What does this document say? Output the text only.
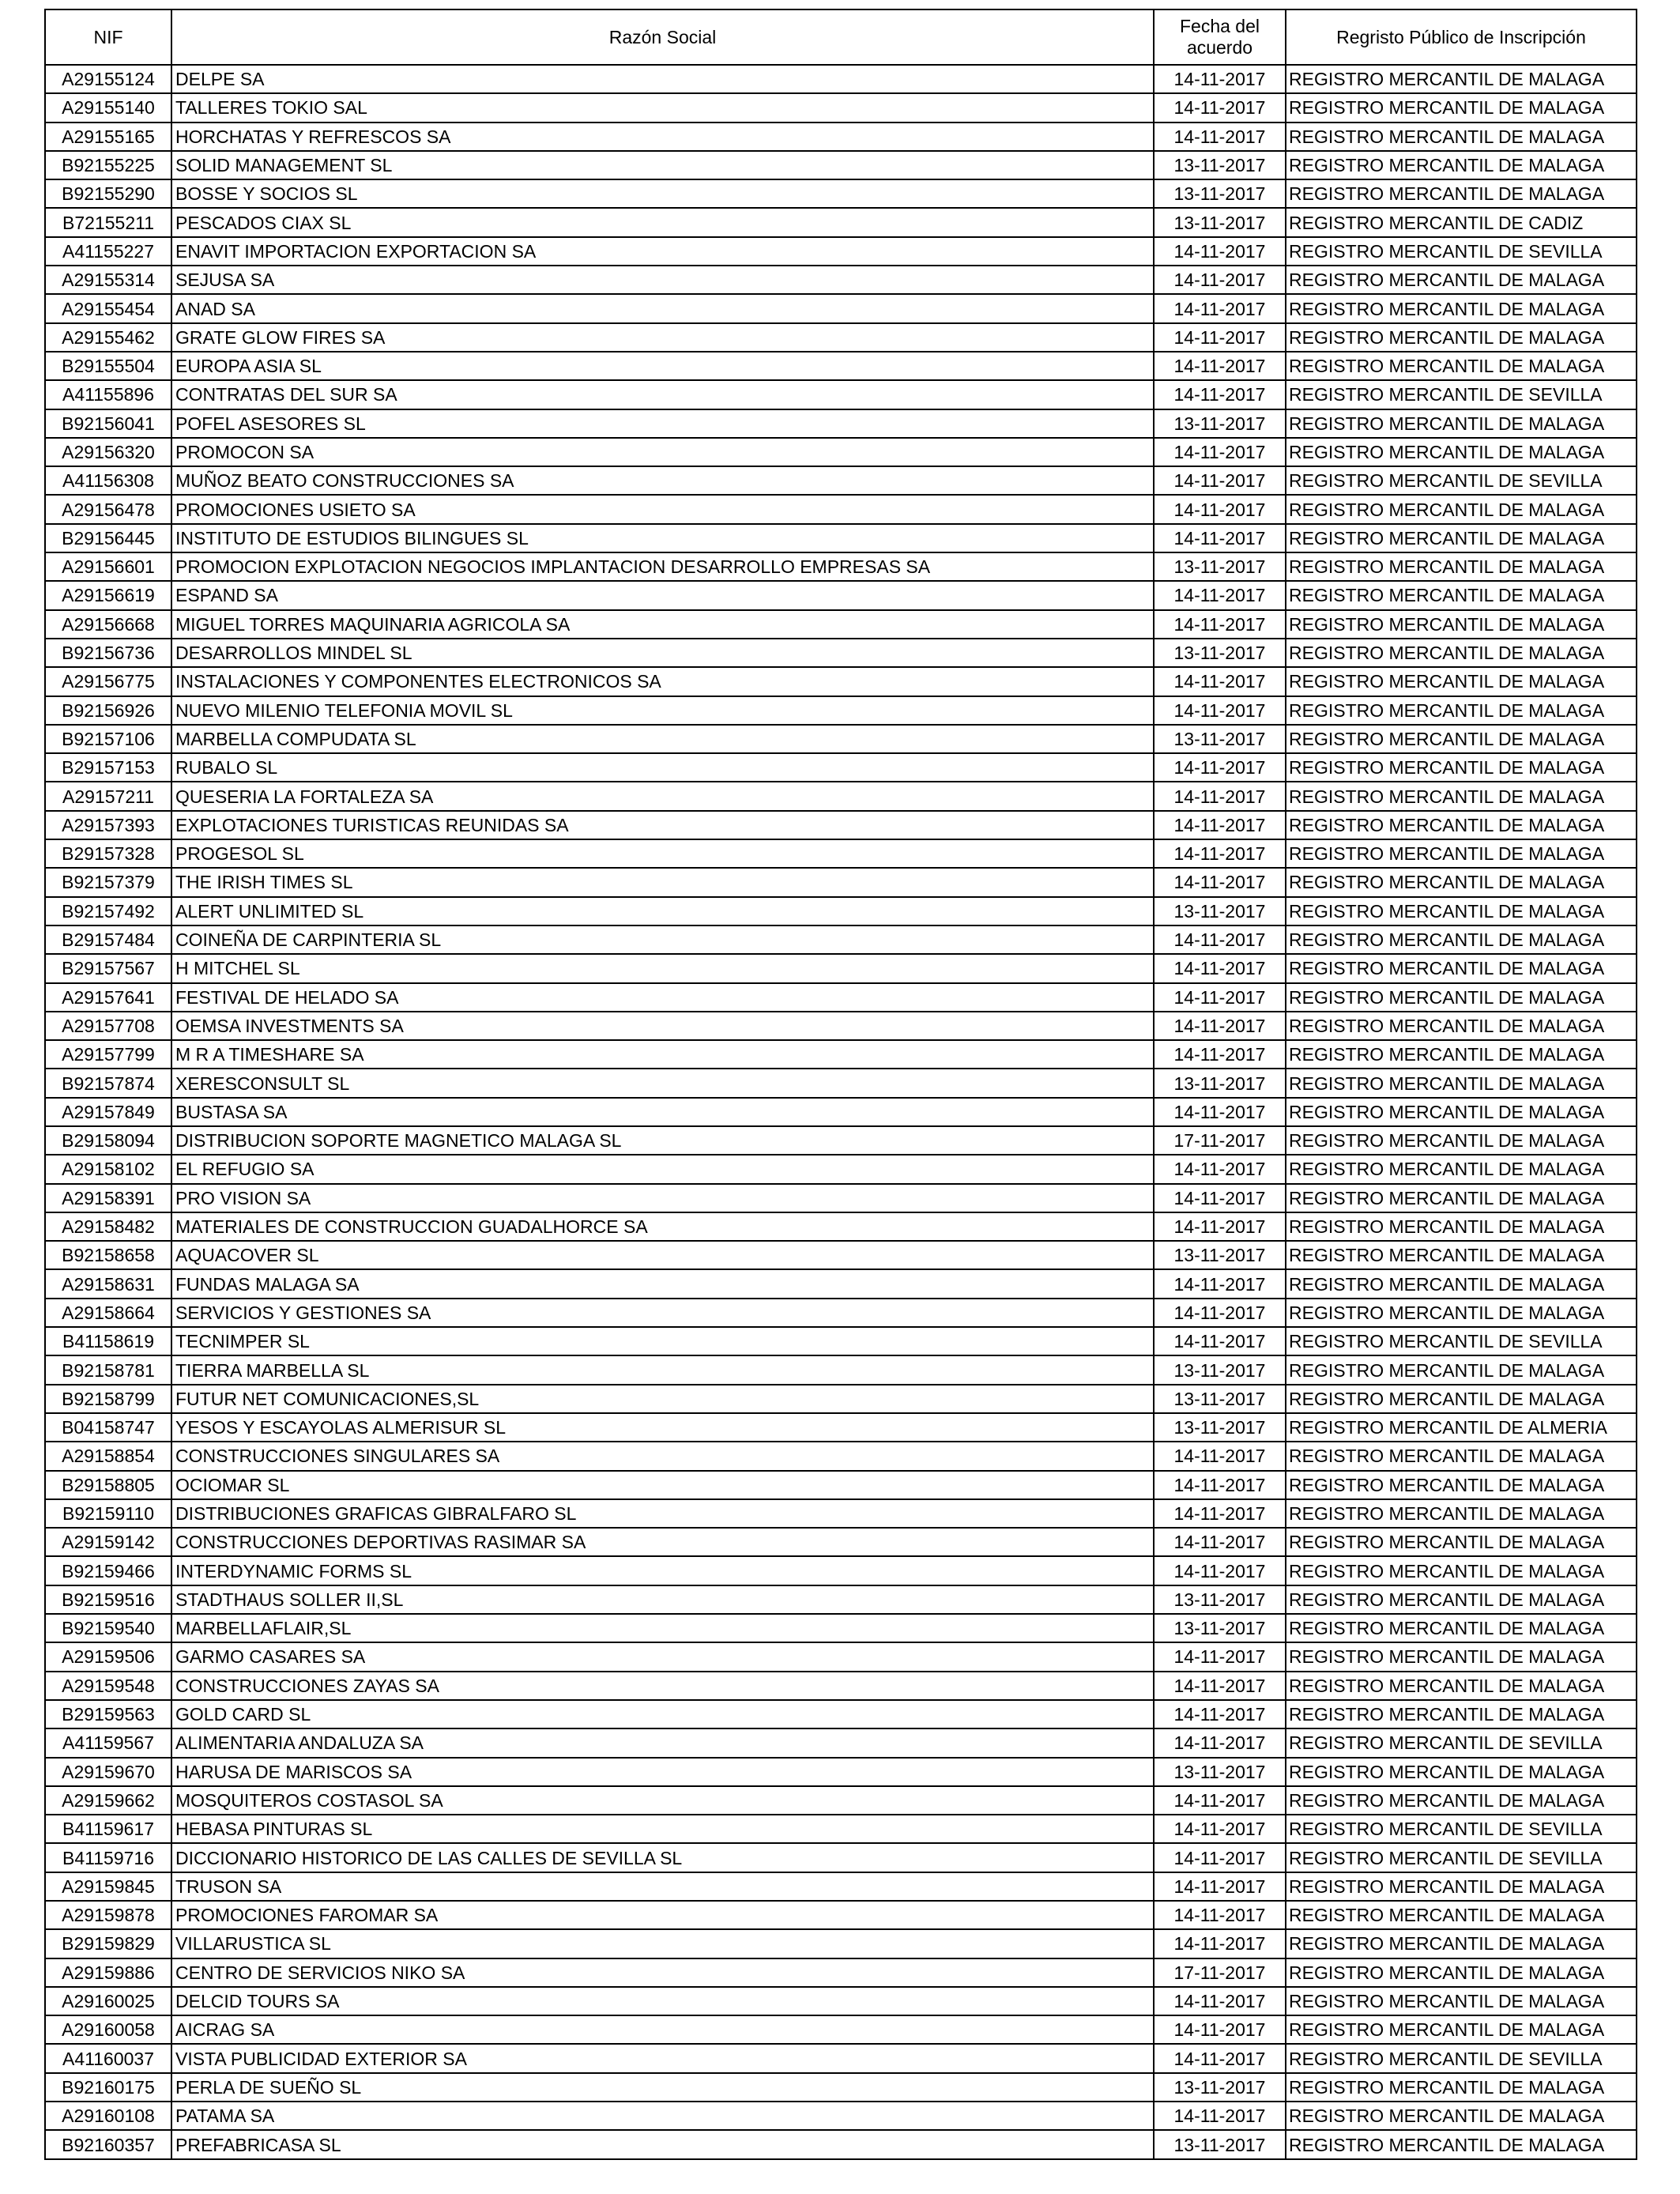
NIF	Razón Social	Fecha del acuerdo	Regristo Público de Inscripción
A29155124	DELPE SA	14-11-2017	REGISTRO MERCANTIL DE MALAGA
A29155140	TALLERES TOKIO SAL	14-11-2017	REGISTRO MERCANTIL DE MALAGA
A29155165	HORCHATAS Y REFRESCOS SA	14-11-2017	REGISTRO MERCANTIL DE MALAGA
B92155225	SOLID MANAGEMENT SL	13-11-2017	REGISTRO MERCANTIL DE MALAGA
B92155290	BOSSE Y SOCIOS SL	13-11-2017	REGISTRO MERCANTIL DE MALAGA
B72155211	PESCADOS CIAX SL	13-11-2017	REGISTRO MERCANTIL DE CADIZ
A41155227	ENAVIT IMPORTACION EXPORTACION SA	14-11-2017	REGISTRO MERCANTIL DE SEVILLA
A29155314	SEJUSA SA	14-11-2017	REGISTRO MERCANTIL DE MALAGA
A29155454	ANAD SA	14-11-2017	REGISTRO MERCANTIL DE MALAGA
A29155462	GRATE GLOW FIRES SA	14-11-2017	REGISTRO MERCANTIL DE MALAGA
B29155504	EUROPA ASIA SL	14-11-2017	REGISTRO MERCANTIL DE MALAGA
A41155896	CONTRATAS DEL SUR SA	14-11-2017	REGISTRO MERCANTIL DE SEVILLA
B92156041	POFEL ASESORES SL	13-11-2017	REGISTRO MERCANTIL DE MALAGA
A29156320	PROMOCON SA	14-11-2017	REGISTRO MERCANTIL DE MALAGA
A41156308	MUÑOZ BEATO CONSTRUCCIONES SA	14-11-2017	REGISTRO MERCANTIL DE SEVILLA
A29156478	PROMOCIONES USIETO SA	14-11-2017	REGISTRO MERCANTIL DE MALAGA
B29156445	INSTITUTO DE ESTUDIOS BILINGUES SL	14-11-2017	REGISTRO MERCANTIL DE MALAGA
A29156601	PROMOCION EXPLOTACION NEGOCIOS IMPLANTACION DESARROLLO EMPRESAS SA	13-11-2017	REGISTRO MERCANTIL DE MALAGA
A29156619	ESPAND SA	14-11-2017	REGISTRO MERCANTIL DE MALAGA
A29156668	MIGUEL TORRES MAQUINARIA AGRICOLA SA	14-11-2017	REGISTRO MERCANTIL DE MALAGA
B92156736	DESARROLLOS MINDEL SL	13-11-2017	REGISTRO MERCANTIL DE MALAGA
A29156775	INSTALACIONES Y COMPONENTES ELECTRONICOS SA	14-11-2017	REGISTRO MERCANTIL DE MALAGA
B92156926	NUEVO MILENIO TELEFONIA MOVIL SL	14-11-2017	REGISTRO MERCANTIL DE MALAGA
B92157106	MARBELLA COMPUDATA SL	13-11-2017	REGISTRO MERCANTIL DE MALAGA
B29157153	RUBALO SL	14-11-2017	REGISTRO MERCANTIL DE MALAGA
A29157211	QUESERIA LA FORTALEZA SA	14-11-2017	REGISTRO MERCANTIL DE MALAGA
A29157393	EXPLOTACIONES TURISTICAS REUNIDAS SA	14-11-2017	REGISTRO MERCANTIL DE MALAGA
B29157328	PROGESOL SL	14-11-2017	REGISTRO MERCANTIL DE MALAGA
B92157379	THE IRISH TIMES SL	14-11-2017	REGISTRO MERCANTIL DE MALAGA
B92157492	ALERT UNLIMITED SL	13-11-2017	REGISTRO MERCANTIL DE MALAGA
B29157484	COINEÑA DE CARPINTERIA SL	14-11-2017	REGISTRO MERCANTIL DE MALAGA
B29157567	H MITCHEL SL	14-11-2017	REGISTRO MERCANTIL DE MALAGA
A29157641	FESTIVAL DE HELADO SA	14-11-2017	REGISTRO MERCANTIL DE MALAGA
A29157708	OEMSA INVESTMENTS SA	14-11-2017	REGISTRO MERCANTIL DE MALAGA
A29157799	M R A TIMESHARE SA	14-11-2017	REGISTRO MERCANTIL DE MALAGA
B92157874	XERESCONSULT SL	13-11-2017	REGISTRO MERCANTIL DE MALAGA
A29157849	BUSTASA SA	14-11-2017	REGISTRO MERCANTIL DE MALAGA
B29158094	DISTRIBUCION SOPORTE MAGNETICO MALAGA SL	17-11-2017	REGISTRO MERCANTIL DE MALAGA
A29158102	EL REFUGIO SA	14-11-2017	REGISTRO MERCANTIL DE MALAGA
A29158391	PRO VISION SA	14-11-2017	REGISTRO MERCANTIL DE MALAGA
A29158482	MATERIALES DE CONSTRUCCION GUADALHORCE SA	14-11-2017	REGISTRO MERCANTIL DE MALAGA
B92158658	AQUACOVER SL	13-11-2017	REGISTRO MERCANTIL DE MALAGA
A29158631	FUNDAS MALAGA SA	14-11-2017	REGISTRO MERCANTIL DE MALAGA
A29158664	SERVICIOS Y GESTIONES SA	14-11-2017	REGISTRO MERCANTIL DE MALAGA
B41158619	TECNIMPER SL	14-11-2017	REGISTRO MERCANTIL DE SEVILLA
B92158781	TIERRA MARBELLA SL	13-11-2017	REGISTRO MERCANTIL DE MALAGA
B92158799	FUTUR NET COMUNICACIONES,SL	13-11-2017	REGISTRO MERCANTIL DE MALAGA
B04158747	YESOS Y ESCAYOLAS ALMERISUR SL	13-11-2017	REGISTRO MERCANTIL DE ALMERIA
A29158854	CONSTRUCCIONES SINGULARES SA	14-11-2017	REGISTRO MERCANTIL DE MALAGA
B29158805	OCIOMAR SL	14-11-2017	REGISTRO MERCANTIL DE MALAGA
B92159110	DISTRIBUCIONES GRAFICAS GIBRALFARO SL	14-11-2017	REGISTRO MERCANTIL DE MALAGA
A29159142	CONSTRUCCIONES DEPORTIVAS RASIMAR SA	14-11-2017	REGISTRO MERCANTIL DE MALAGA
B92159466	INTERDYNAMIC FORMS SL	14-11-2017	REGISTRO MERCANTIL DE MALAGA
B92159516	STADTHAUS SOLLER II,SL	13-11-2017	REGISTRO MERCANTIL DE MALAGA
B92159540	MARBELLAFLAIR,SL	13-11-2017	REGISTRO MERCANTIL DE MALAGA
A29159506	GARMO CASARES SA	14-11-2017	REGISTRO MERCANTIL DE MALAGA
A29159548	CONSTRUCCIONES ZAYAS SA	14-11-2017	REGISTRO MERCANTIL DE MALAGA
B29159563	GOLD CARD SL	14-11-2017	REGISTRO MERCANTIL DE MALAGA
A41159567	ALIMENTARIA ANDALUZA SA	14-11-2017	REGISTRO MERCANTIL DE SEVILLA
A29159670	HARUSA DE MARISCOS SA	13-11-2017	REGISTRO MERCANTIL DE MALAGA
A29159662	MOSQUITEROS COSTASOL SA	14-11-2017	REGISTRO MERCANTIL DE MALAGA
B41159617	HEBASA PINTURAS SL	14-11-2017	REGISTRO MERCANTIL DE SEVILLA
B41159716	DICCIONARIO HISTORICO DE LAS CALLES DE SEVILLA SL	14-11-2017	REGISTRO MERCANTIL DE SEVILLA
A29159845	TRUSON SA	14-11-2017	REGISTRO MERCANTIL DE MALAGA
A29159878	PROMOCIONES FAROMAR SA	14-11-2017	REGISTRO MERCANTIL DE MALAGA
B29159829	VILLARUSTICA SL	14-11-2017	REGISTRO MERCANTIL DE MALAGA
A29159886	CENTRO DE SERVICIOS NIKO SA	17-11-2017	REGISTRO MERCANTIL DE MALAGA
A29160025	DELCID TOURS SA	14-11-2017	REGISTRO MERCANTIL DE MALAGA
A29160058	AICRAG SA	14-11-2017	REGISTRO MERCANTIL DE MALAGA
A41160037	VISTA PUBLICIDAD EXTERIOR SA	14-11-2017	REGISTRO MERCANTIL DE SEVILLA
B92160175	PERLA DE SUEÑO SL	13-11-2017	REGISTRO MERCANTIL DE MALAGA
A29160108	PATAMA SA	14-11-2017	REGISTRO MERCANTIL DE MALAGA
B92160357	PREFABRICASA SL	13-11-2017	REGISTRO MERCANTIL DE MALAGA
